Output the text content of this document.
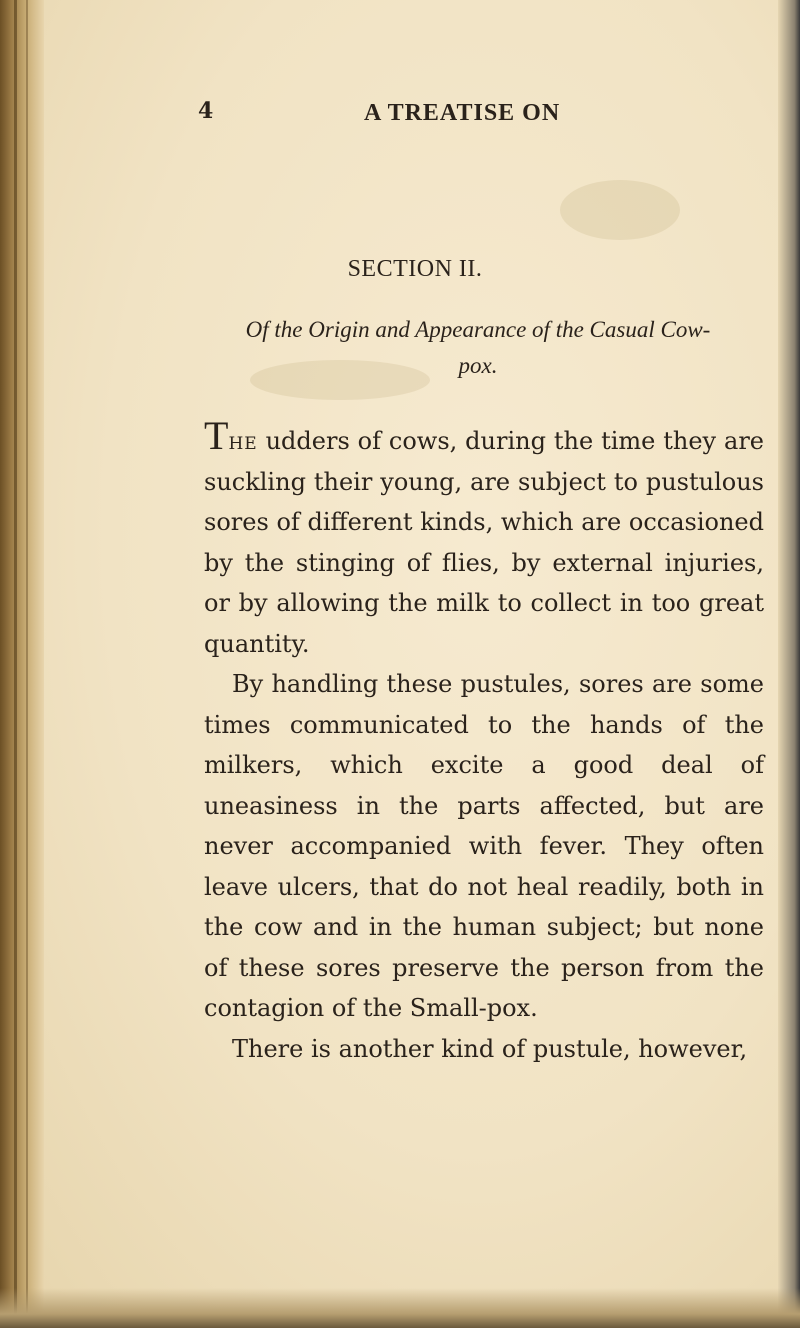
4	A TREATISE ON
SECTION II.
Of the Origin and Appearance of the Casual Cow-
pox.

The udders of cows, during the time they are suckling their young, are subject to pustulous sores of different kinds, which are occasioned by the stinging of flies, by external injuries, or by allowing the milk to collect in too great quantity.

By handling these pustules, sores are some times communicated to the hands of the milkers, which excite a good deal of uneasiness in the parts affected, but are never accompanied with fever. They often leave ulcers, that do not heal readily, both in the cow and in the human subject; but none of these sores preserve the person from the contagion of the Small-pox.

There is another kind of pustule, however,
